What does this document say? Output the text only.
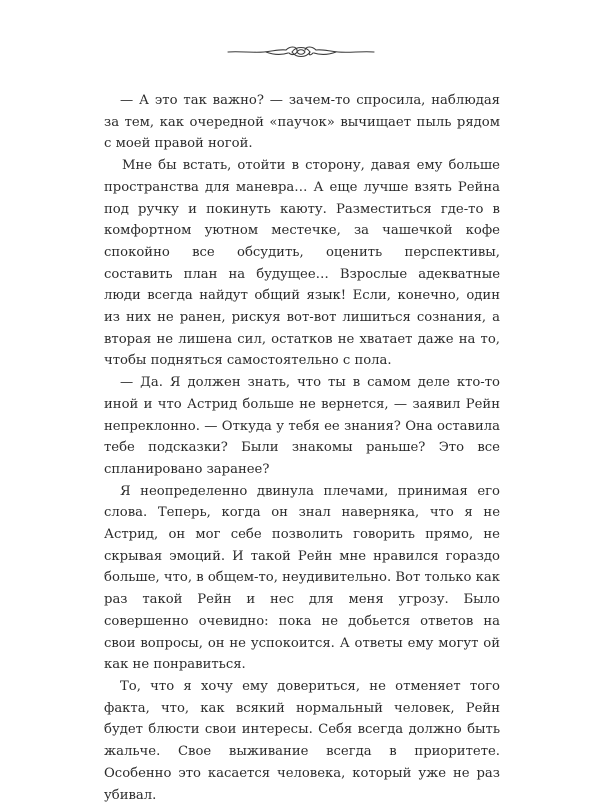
— А это так важно? — зачем-то спросила, наблюдая за тем, как очередной «паучок» вычищает пыль рядом с моей правой ногой.

Мне бы встать, отойти в сторону, давая ему больше пространства для маневра… А еще лучше взять Рейна под ручку и покинуть каюту. Разместиться где-то в комфортном уютном местечке, за чашечкой кофе спокойно все обсудить, оценить перспективы, составить план на будущее… Взрослые адекватные люди всегда найдут общий язык! Если, конечно, один из них не ранен, рискуя вот-вот лишиться сознания, а вторая не лишена сил, остатков не хватает даже на то, чтобы подняться самостоятельно с пола.

— Да. Я должен знать, что ты в самом деле кто-то иной и что Астрид больше не вернется, — заявил Рейн непреклонно. — Откуда у тебя ее знания? Она оставила тебе подсказки? Были знакомы раньше? Это все спланировано заранее?

Я неопределенно двинула плечами, принимая его слова. Теперь, когда он знал наверняка, что я не Астрид, он мог себе позволить говорить прямо, не скрывая эмоций. И такой Рейн мне нравился гораздо больше, что, в общем-то, неудивительно. Вот только как раз такой Рейн и нес для меня угрозу. Было совершенно очевидно: пока не добьется ответов на свои вопросы, он не успокоится. А ответы ему могут ой как не понравиться.

То, что я хочу ему довериться, не отменяет того факта, что, как всякий нормальный человек, Рейн будет блюсти свои интересы. Себя всегда должно быть жальче. Свое выживание всегда в приоритете. Особенно это касается человека, который уже не раз убивал.
